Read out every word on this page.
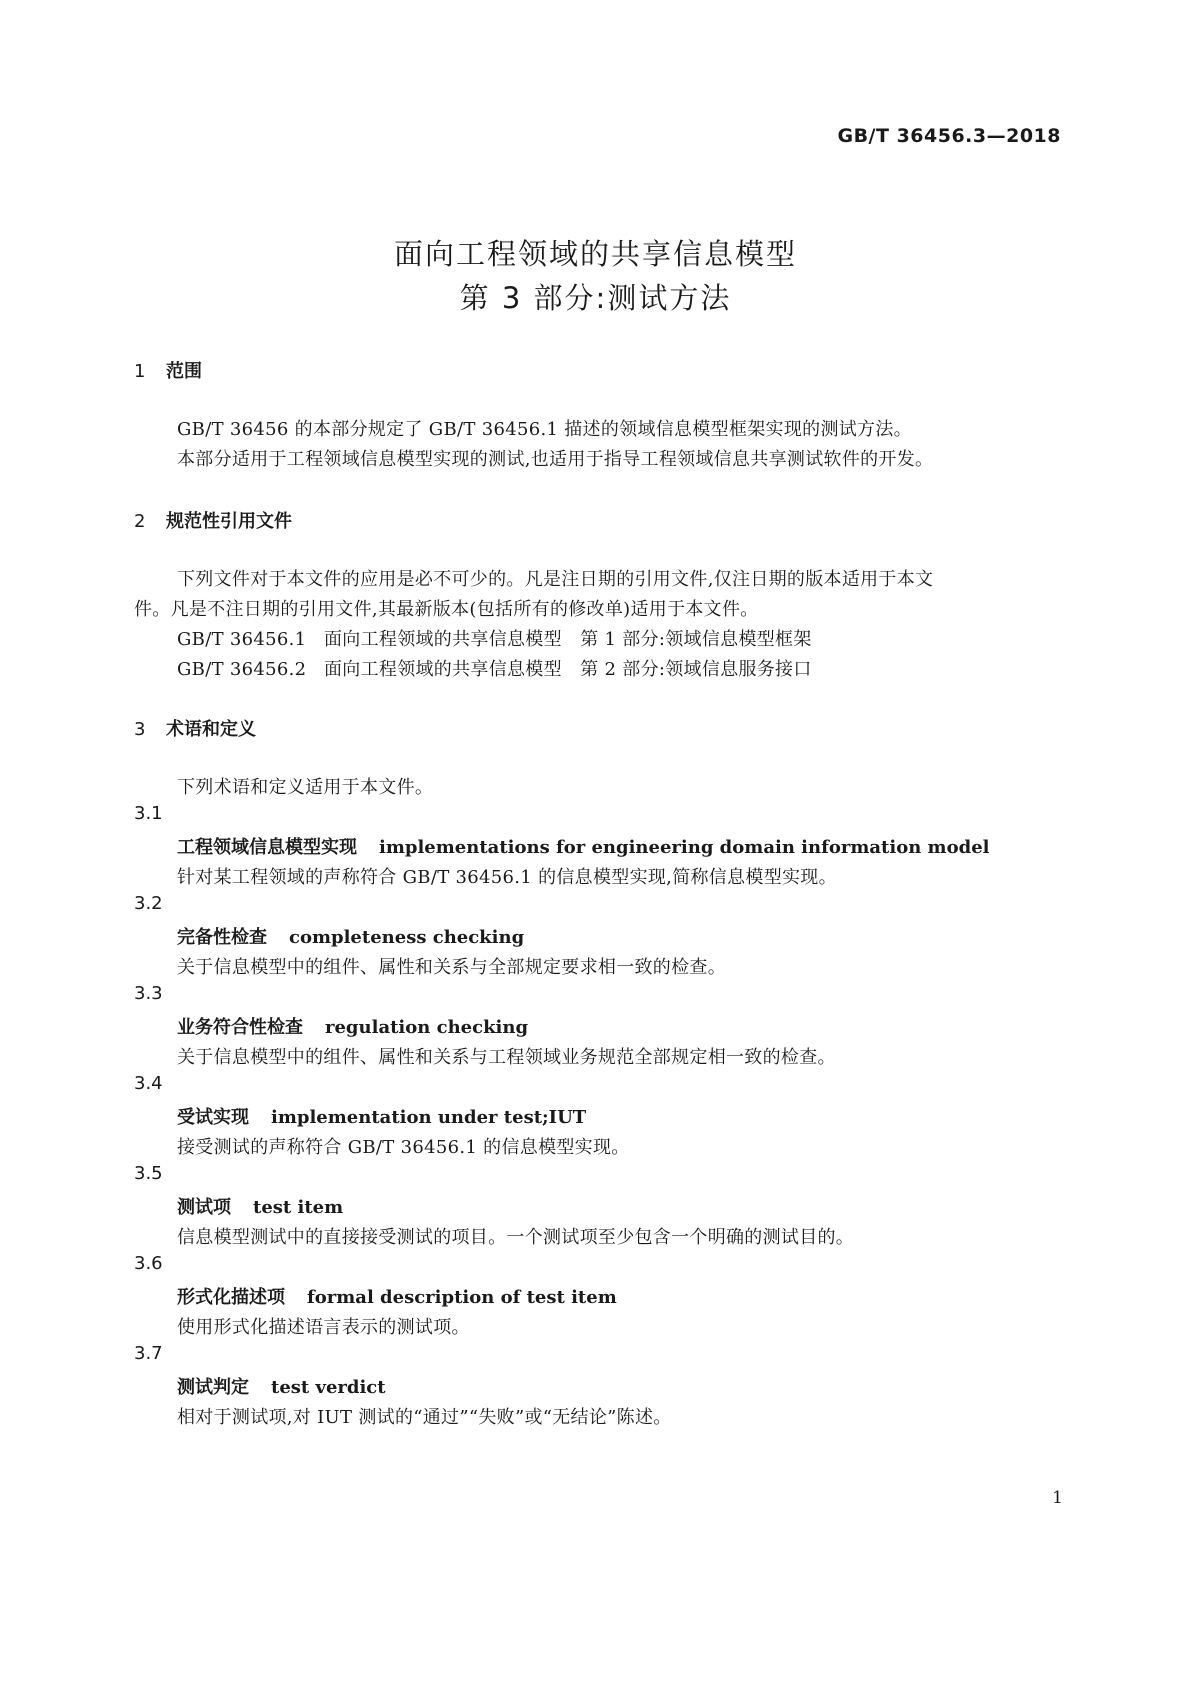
GB/T 36456.3—2018
面向工程领域的共享信息模型
第 3 部分:测试方法
1 范围
GB/T 36456 的本部分规定了 GB/T 36456.1 描述的领域信息模型框架实现的测试方法。
本部分适用于工程领域信息模型实现的测试,也适用于指导工程领域信息共享测试软件的开发。
2 规范性引用文件
下列文件对于本文件的应用是必不可少的。凡是注日期的引用文件,仅注日期的版本适用于本文
件。凡是不注日期的引用文件,其最新版本(包括所有的修改单)适用于本文件。
GB/T 36456.1 面向工程领域的共享信息模型　第 1 部分:领域信息模型框架
GB/T 36456.2 面向工程领域的共享信息模型　第 2 部分:领域信息服务接口
3 术语和定义
下列术语和定义适用于本文件。
3.1
工程领域信息模型实现 implementations for engineering domain information model
针对某工程领域的声称符合 GB/T 36456.1 的信息模型实现,简称信息模型实现。
3.2
完备性检查 completeness checking
关于信息模型中的组件、属性和关系与全部规定要求相一致的检查。
3.3
业务符合性检查 regulation checking
关于信息模型中的组件、属性和关系与工程领域业务规范全部规定相一致的检查。
3.4
受试实现 implementation under test;IUT
接受测试的声称符合 GB/T 36456.1 的信息模型实现。
3.5
测试项 test item
信息模型测试中的直接接受测试的项目。一个测试项至少包含一个明确的测试目的。
3.6
形式化描述项 formal description of test item
使用形式化描述语言表示的测试项。
3.7
测试判定 test verdict
相对于测试项,对 IUT 测试的“通过”“失败”或“无结论”陈述。
1
